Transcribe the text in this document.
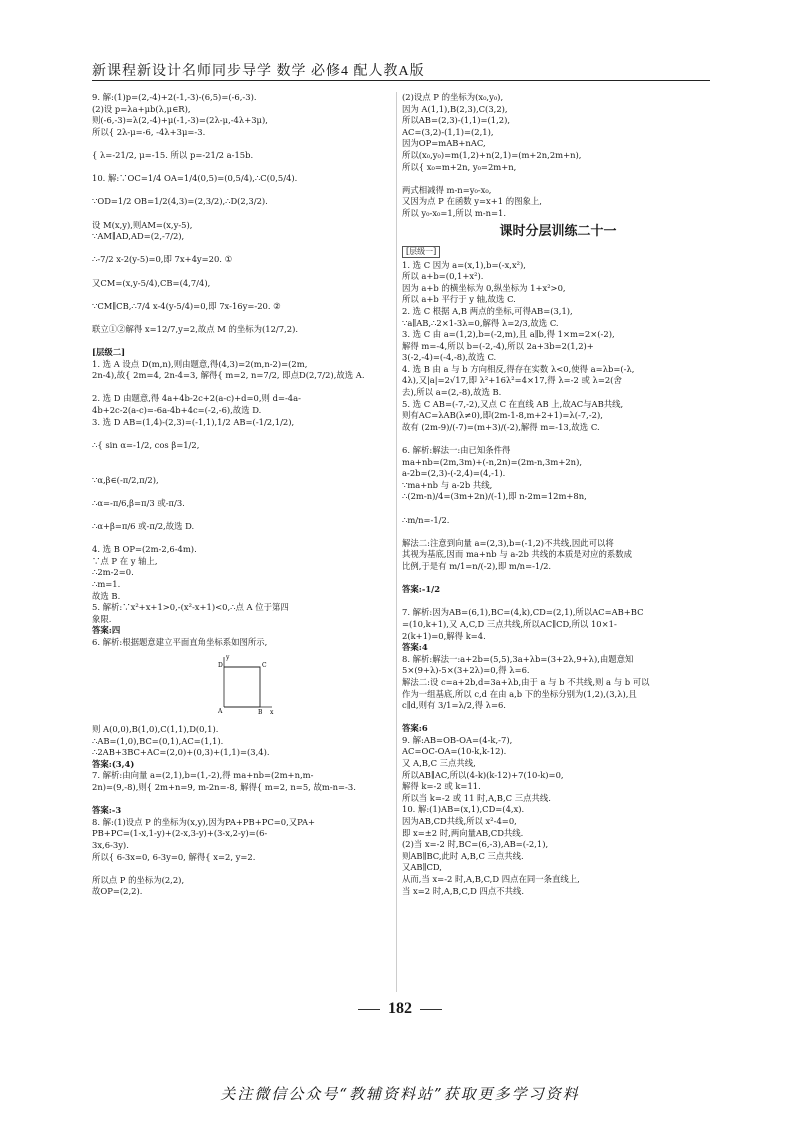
新课程新设计名师同步导学 数学 必修4 配人教A版
9. 解:(1)p=(2,-4)+2(-1,-3)-(6,5)=(-6,-3).
(2)设 p=λa+μb(λ,μ∈R),
则(-6,-3)=λ(2,-4)+μ(-1,-3)=(2λ-μ,-4λ+3μ),
所以{ 2λ-μ=-6, -4λ+3μ=-3.

{ λ=-21/2, μ=-15. 所以 p=-21/2 a-15b.

10. 解:∵OC=1/4 OA=1/4(0,5)=(0,5/4),∴C(0,5/4).

∵OD=1/2 OB=1/2(4,3)=(2,3/2),∴D(2,3/2).

设 M(x,y),则AM=(x,y-5),
∵AM∥AD,AD=(2,-7/2),

∴-7/2 x-2(y-5)=0,即 7x+4y=20. ①

又CM=(x,y-5/4),CB=(4,7/4),

∵CM∥CB,∴7/4 x-4(y-5/4)=0,即 7x-16y=-20. ②

联立①②解得 x=12/7,y=2,故点 M 的坐标为(12/7,2).

[层级二]
1. 选 A 设点 D(m,n),则由题意,得(4,3)=2(m,n-2)=(2m,
2n-4),故{ 2m=4, 2n-4=3, 解得{ m=2, n=7/2, 即点D(2,7/2),故选 A.

2. 选 D 由题意,得 4a+4b-2c+2(a-c)+d=0,则 d=-4a-
4b+2c-2(a-c)=-6a-4b+4c=(-2,-6),故选 D.
3. 选 D AB=(1,4)-(2,3)=(-1,1),1/2 AB=(-1/2,1/2),

∴{ sin α=-1/2, cos β=1/2,

∵α,β∈(-π/2,π/2),

∴α=-π/6,β=π/3 或-π/3.

∴α+β=π/6 或-π/2,故选 D.

4. 选 B OP=(2m-2,6-4m).
∵点 P 在 y 轴上,
∴2m-2=0.
∴m=1.
故选 B.
5. 解析:∵x²+x+1>0,-(x²-x+1)<0,∴点 A 位于第四
象限.
答案:四
6. 解析:根据题意建立平面直角坐标系如图所示,
D	C
A	B x
y
则 A(0,0),B(1,0),C(1,1),D(0,1).
∴AB=(1,0),BC=(0,1),AC=(1,1).
∴2AB+3BC+AC=(2,0)+(0,3)+(1,1)=(3,4).
答案:(3,4)
7. 解析:由向量 a=(2,1),b=(1,-2),得 ma+nb=(2m+n,m-
2n)=(9,-8),则{ 2m+n=9, m-2n=-8, 解得{ m=2, n=5, 故m-n=-3.

答案:-3
8. 解:(1)设点 P 的坐标为(x,y),因为PA+PB+PC=0,又PA+
PB+PC=(1-x,1-y)+(2-x,3-y)+(3-x,2-y)=(6-
3x,6-3y).
所以{ 6-3x=0, 6-3y=0, 解得{ x=2, y=2.

所以点 P 的坐标为(2,2),
故OP=(2,2).
(2)设点 P 的坐标为(x₀,y₀),
因为 A(1,1),B(2,3),C(3,2),
所以AB=(2,3)-(1,1)=(1,2),
AC=(3,2)-(1,1)=(2,1),
因为OP=mAB+nAC,
所以(x₀,y₀)=m(1,2)+n(2,1)=(m+2n,2m+n),
所以{ x₀=m+2n, y₀=2m+n,

两式相减得 m-n=y₀-x₀,
又因为点 P 在函数 y=x+1 的图象上,
所以 y₀-x₀=1,所以 m-n=1.
课时分层训练二十一
[层级一]
1. 选 C 因为 a=(x,1),b=(-x,x²),
所以 a+b=(0,1+x²).
因为 a+b 的横坐标为 0,纵坐标为 1+x²>0,
所以 a+b 平行于 y 轴,故选 C.
2. 选 C 根据 A,B 两点的坐标,可得AB=(3,1),
∵a∥AB,∴2×1-3λ=0,解得 λ=2/3,故选 C.
3. 选 C 由 a=(1,2),b=(-2,m),且 a∥b,得 1×m=2×(-2),
解得 m=-4,所以 b=(-2,-4),所以 2a+3b=2(1,2)+
3(-2,-4)=(-4,-8),故选 C.
4. 选 B 由 a 与 b 方向相反,得存在实数 λ<0,使得 a=λb=(-λ,
4λ),又|a|=2√17,即 λ²+16λ²=4×17,得 λ=-2 或 λ=2(舍
去),所以 a=(2,-8),故选 B.
5. 选 C AB=(-7,-2),又点 C 在直线 AB 上,故AC与AB共线,
则有AC=λAB(λ≠0),即(2m-1-8,m+2+1)=λ(-7,-2),
故有 (2m-9)/(-7)=(m+3)/(-2),解得 m=-13,故选 C.

6. 解析:解法一:由已知条件得
ma+nb=(2m,3m)+(-n,2n)=(2m-n,3m+2n),
a-2b=(2,3)-(-2,4)=(4,-1).
∵ma+nb 与 a-2b 共线,
∴(2m-n)/4=(3m+2n)/(-1),即 n-2m=12m+8n,

∴m/n=-1/2.

解法二:注意到向量 a=(2,3),b=(-1,2)不共线,因此可以将
其视为基底,因而 ma+nb 与 a-2b 共线的本质是对应的系数成
比例,于是有 m/1=n/(-2),即 m/n=-1/2.

答案:-1/2

7. 解析:因为AB=(6,1),BC=(4,k),CD=(2,1),所以AC=AB+BC
=(10,k+1),又 A,C,D 三点共线,所以AC∥CD,所以 10×1-
2(k+1)=0,解得 k=4.
答案:4
8. 解析:解法一:a+2b=(5,5),3a+λb=(3+2λ,9+λ),由题意知
5×(9+λ)-5×(3+2λ)=0,得 λ=6.
解法二:设 c=a+2b,d=3a+λb,由于 a 与 b 不共线,则 a 与 b 可以
作为一组基底,所以 c,d 在由 a,b 下的坐标分别为(1,2),(3,λ),且
c∥d,则有 3/1=λ/2,得 λ=6.

答案:6
9. 解:AB=OB-OA=(4-k,-7),
AC=OC-OA=(10-k,k-12).
又 A,B,C 三点共线,
所以AB∥AC,所以(4-k)(k-12)+7(10-k)=0,
解得 k=-2 或 k=11.
所以当 k=-2 或 11 时,A,B,C 三点共线.
10. 解:(1)AB=(x,1),CD=(4,x).
因为AB,CD共线,所以 x²-4=0,
即 x=±2 时,两向量AB,CD共线.
(2)当 x=-2 时,BC=(6,-3),AB=(-2,1),
则AB∥BC,此时 A,B,C 三点共线.
又AB∥CD,
从而,当 x=-2 时,A,B,C,D 四点在同一条直线上,
当 x=2 时,A,B,C,D 四点不共线.
182
关注微信公众号“教辅资料站”获取更多学习资料
